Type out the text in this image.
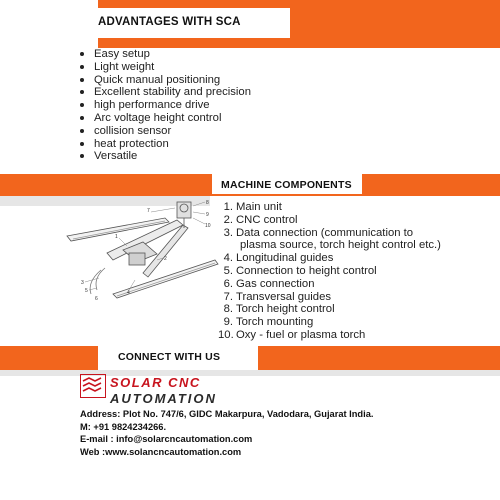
ADVANTAGES WITH SCA
Easy setup
Light weight
Quick manual positioning
Excellent stability and precision
high performance drive
Arc voltage height control
collision sensor
heat protection
Versatile
MACHINE COMPONENTS
7
8
9
10
1
2
3
5	4
6
1. Main unit
2. CNC control
3. Data connection (communication to
plasma source, torch height control etc.)
4. Longitudinal guides
5. Connection to height control
6. Gas connection
7. Transversal guides
8. Torch height control
9. Torch mounting
10. Oxy - fuel or plasma torch
CONNECT WITH US
SOLAR CNC
AUTOMATION
Address: Plot No. 747/6, GIDC Makarpura, Vadodara, Gujarat India.
M: +91 9824234266.
E-mail : info@solarcncautomation.com
Web :www.solancncautomation.com
